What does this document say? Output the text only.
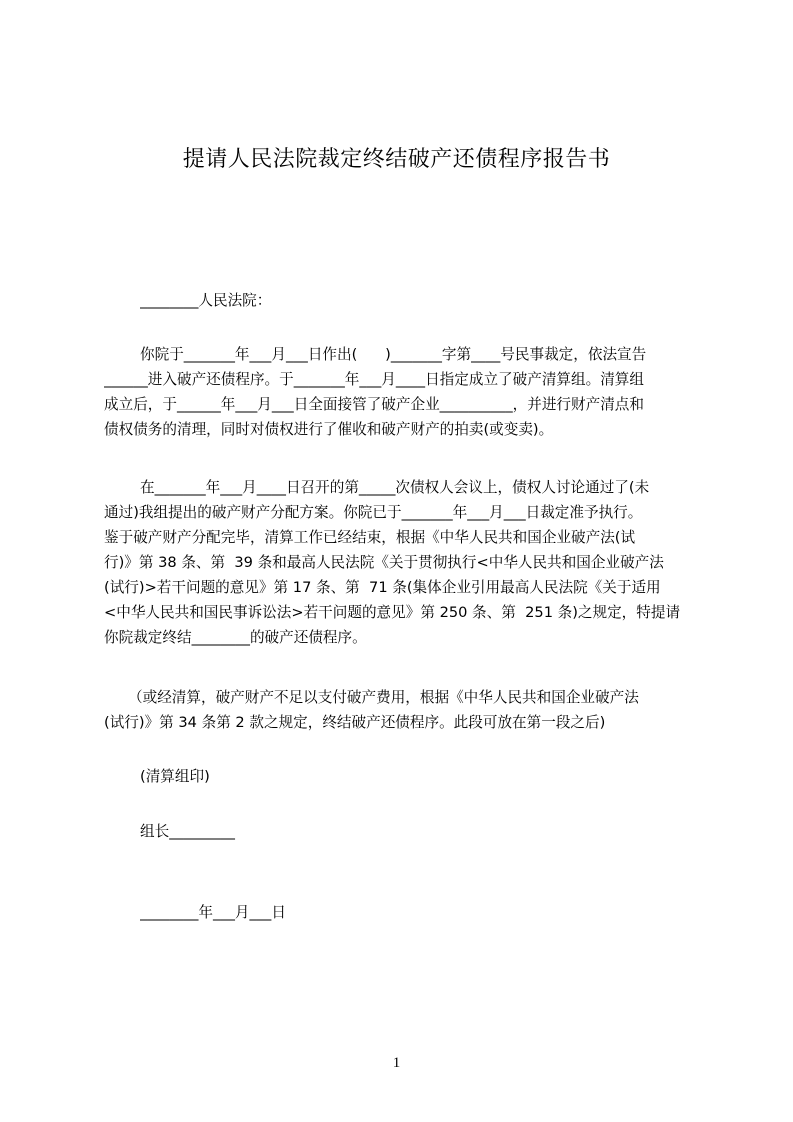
提请人民法院裁定终结破产还债程序报告书
________人民法院：
你院于_______年___月___日作出(      )_______字第____号民事裁定，依法宣告
______进入破产还债程序。于_______年___月____日指定成立了破产清算组。清算组
成立后，于______年___月___日全面接管了破产企业__________，并进行财产清点和
债权债务的清理，同时对债权进行了催收和破产财产的拍卖(或变卖)。
在_______年___月____日召开的第_____次债权人会议上，债权人讨论通过了(未
通过)我组提出的破产财产分配方案。你院已于_______年___月___日裁定准予执行。
鉴于破产财产分配完毕，清算工作已经结束，根据《中华人民共和国企业破产法(试
行)》第 38 条、第  39 条和最高人民法院《关于贯彻执行<中华人民共和国企业破产法
(试行)>若干问题的意见》第 17 条、第  71 条(集体企业引用最高人民法院《关于适用
<中华人民共和国民事诉讼法>若干问题的意见》第 250 条、第  251 条)之规定，特提请
你院裁定终结________的破产还债程序。
（或经清算，破产财产不足以支付破产费用，根据《中华人民共和国企业破产法
(试行)》第 34 条第 2 款之规定，终结破产还债程序。此段可放在第一段之后)
(清算组印)
组长_________
________年___月___日
1
